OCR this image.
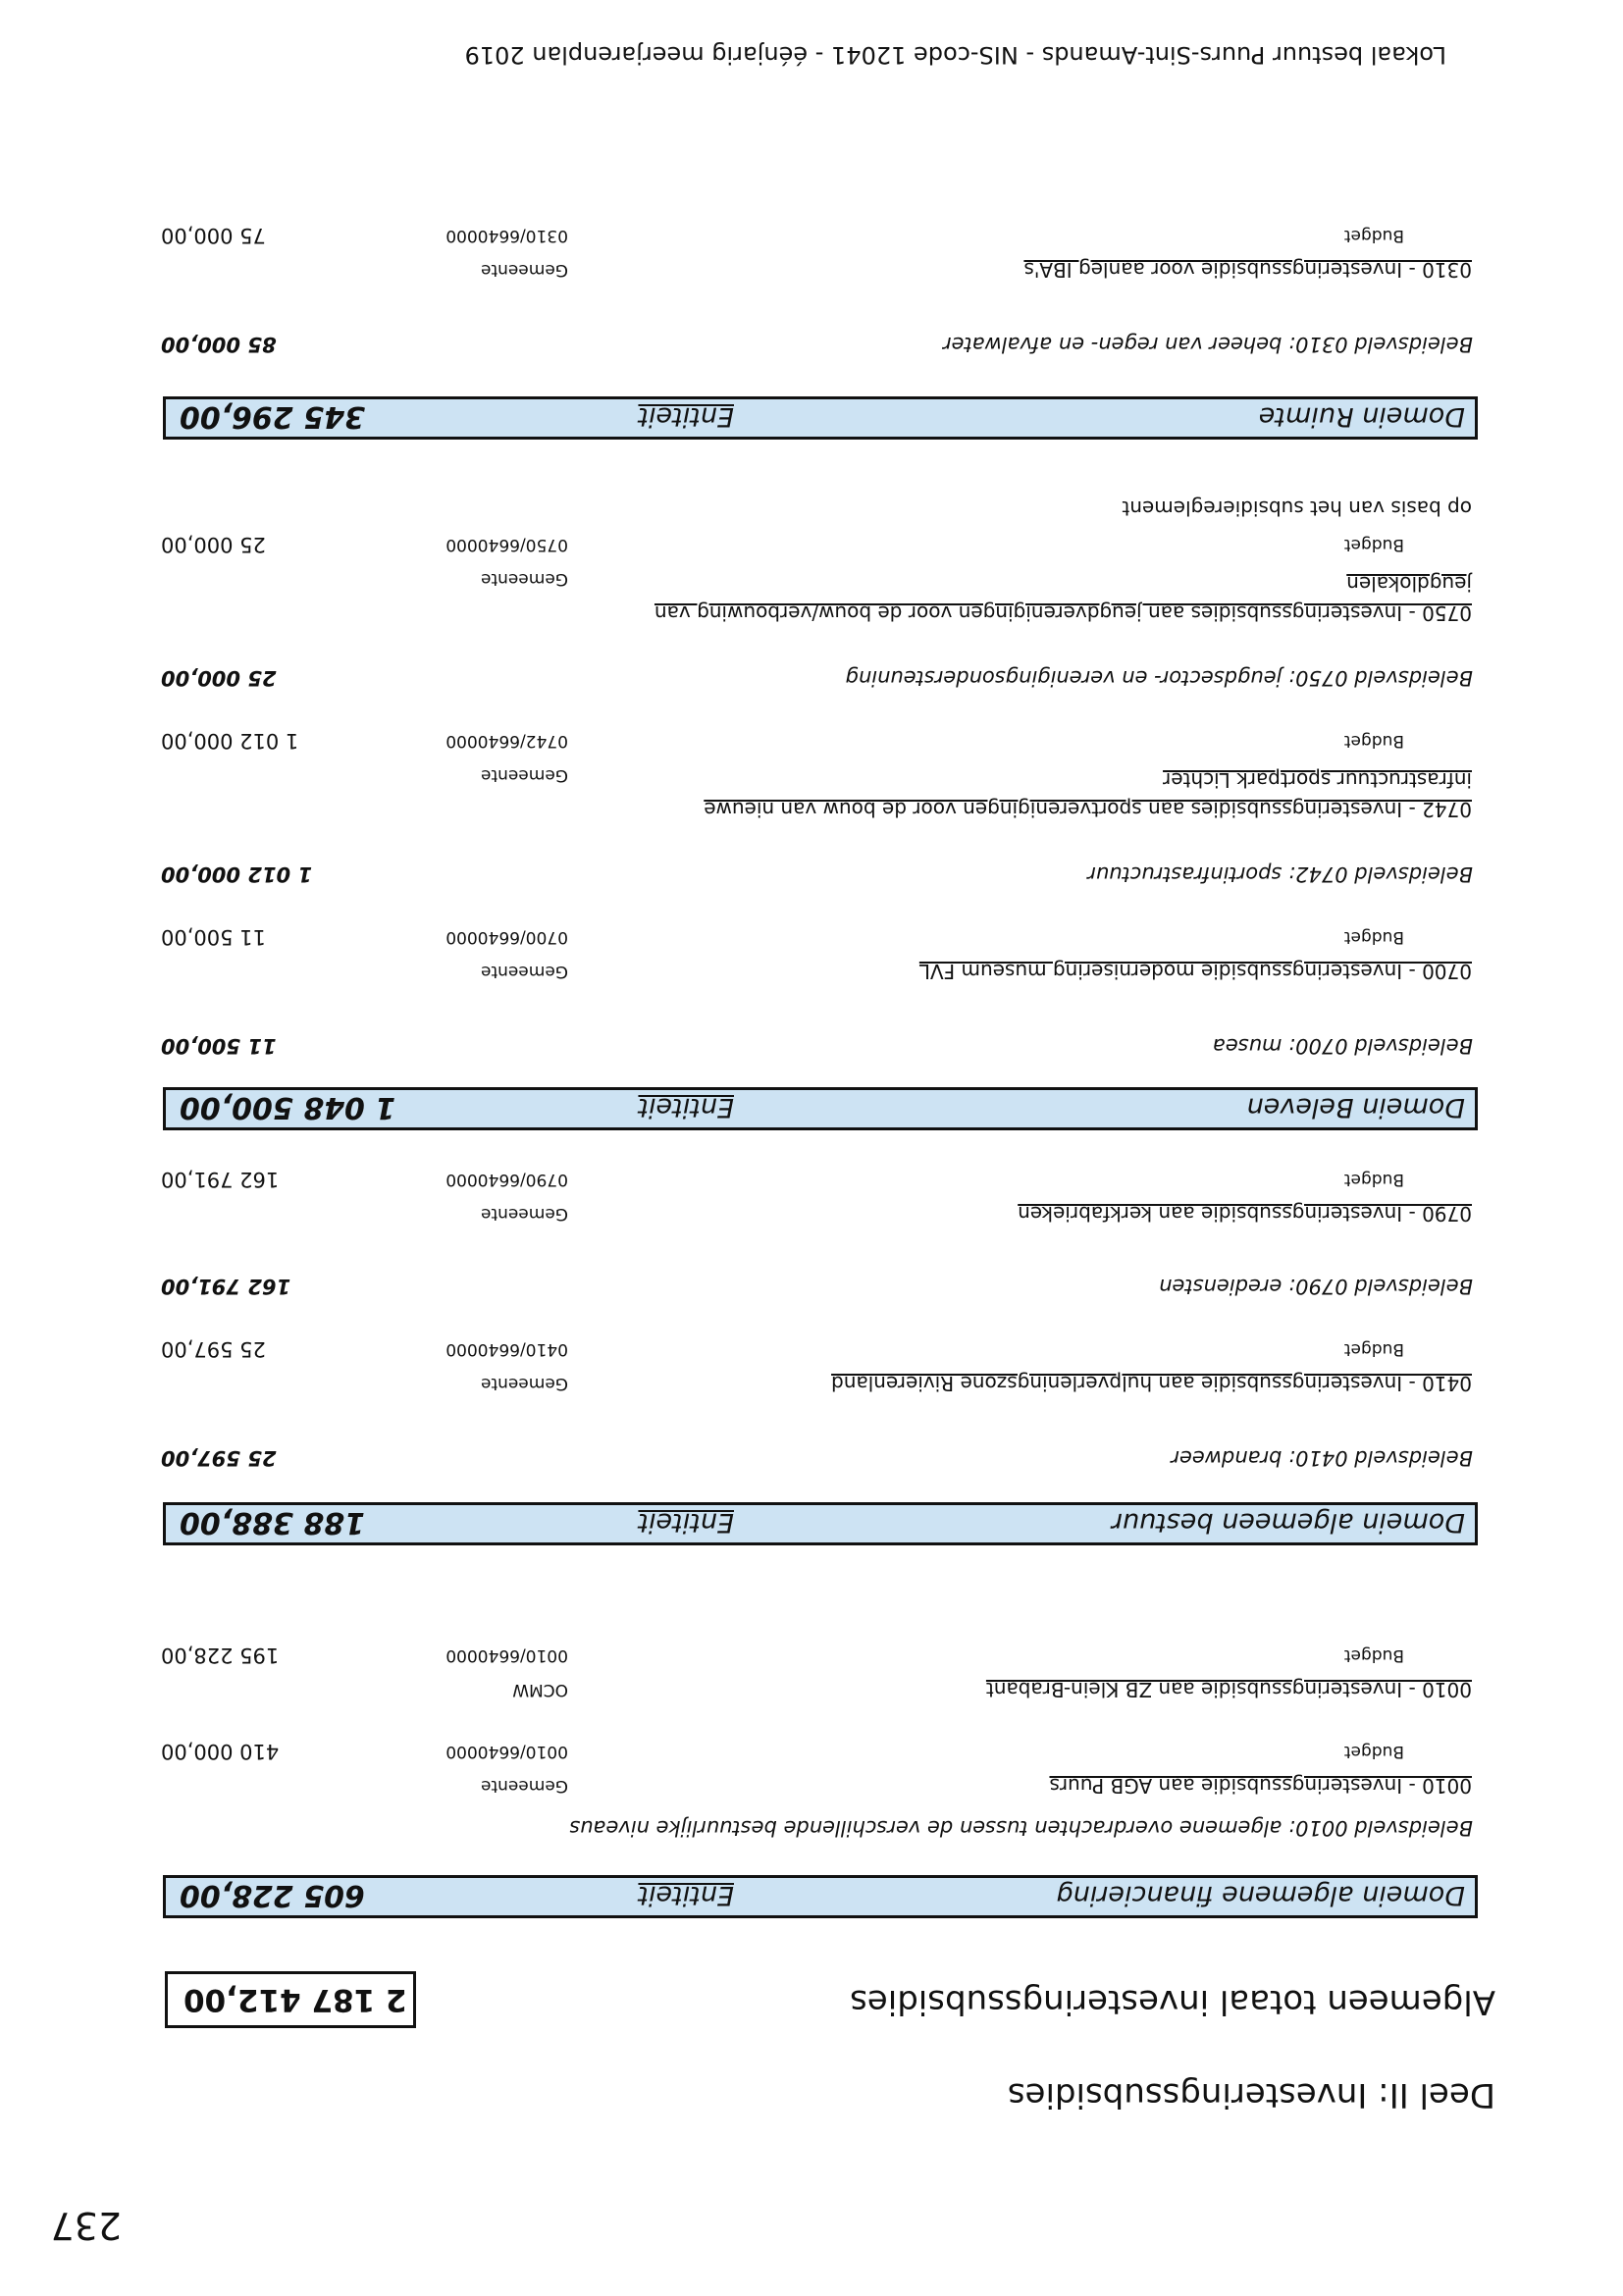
237
Deel II: Investeringssubsidies
Algemeen totaal investeringssubsidies
2 187 412,00
Domein algemene financiering
Entiteit
605 228,00
Beleidsveld 0010: algemene overdrachten tussen de verschillende bestuurlijke niveaus
0010 - Investeringssubsidie aan AGB Puurs
Gemeente
Budget
0010/6640000
410 000,00
0010 - Investeringssubsidie aan ZB Klein-Brabant
OCMW
Budget
0010/6640000
195 228,00
Domein algemeen bestuur
Entiteit
188 388,00
Beleidsveld 0410: brandweer
25 597,00
0410 - Investeringssubsidie aan hulpverleningszone Rivierenland
Gemeente
Budget
0410/6640000
25 597,00
Beleidsveld 0790: erediensten
162 791,00
0790 - Investeringssubsidie aan kerkfabrieken
Gemeente
Budget
0790/6640000
162 791,00
Domein Beleven
Entiteit
1 048 500,00
Beleidsveld 0700: musea
11 500,00
0700 - Investeringssubsidie modernisering museum FVL
Gemeente
Budget
0700/6640000
11 500,00
Beleidsveld 0742: sportinfrastructuur
1 012 000,00
0742 - Investeringssubsidies aan sportverenigingen voor de bouw van nieuwe infrastructuur sportpark Lichter
Gemeente
Budget
0742/6640000
1 012 000,00
Beleidsveld 0750: jeugdsector- en verenigingsondersteuning
25 000,00
0750 - Investeringssubsidies aan jeugdverenigingen voor de bouw/verbouwing van jeugdlokalen
Gemeente
Budget
0750/6640000
25 000,00
op basis van het subsidiereglement
Domein Ruimte
Entiteit
345 296,00
Beleidsveld 0310: beheer van regen- en afvalwater
85 000,00
0310 - Investeringssubsidie voor aanleg IBA's
Gemeente
Budget
0310/6640000
75 000,00
Lokaal bestuur Puurs-Sint-Amands - NIS-code 12041 - éénjarig meerjarenplan 2019
